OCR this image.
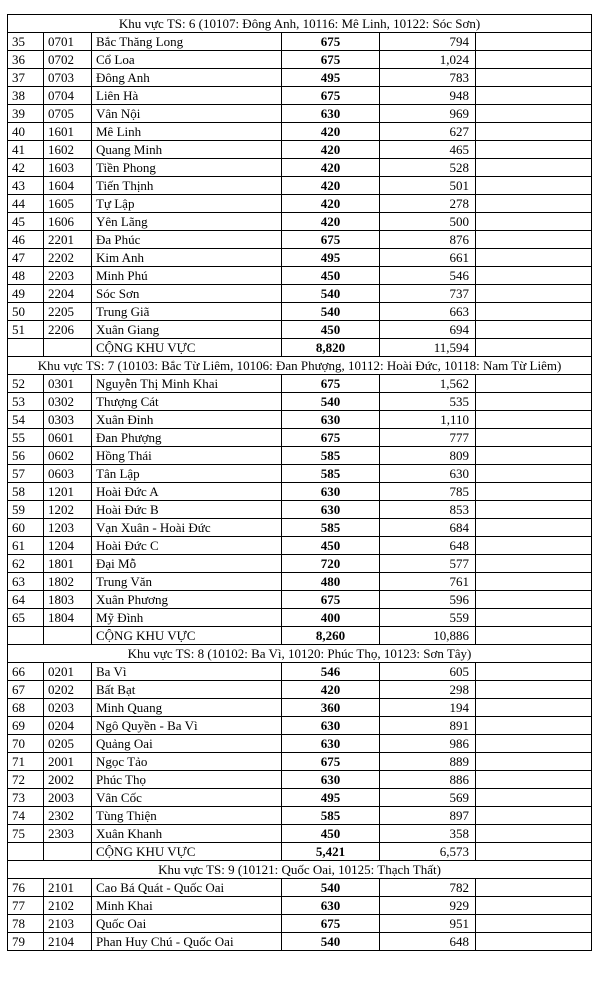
Khu vực TS: 6 (10107: Đông Anh, 10116: Mê Linh, 10122: Sóc Sơn)					
35	0701	Bắc Thăng Long	675	794	
36	0702	Cổ Loa	675	1,024	
37	0703	Đông Anh	495	783	
38	0704	Liên Hà	675	948	
39	0705	Vân Nội	630	969	
40	1601	Mê Linh	420	627	
41	1602	Quang Minh	420	465	
42	1603	Tiền Phong	420	528	
43	1604	Tiến Thịnh	420	501	
44	1605	Tự Lập	420	278	
45	1606	Yên Lãng	420	500	
46	2201	Đa Phúc	675	876	
47	2202	Kim Anh	495	661	
48	2203	Minh Phú	450	546	
49	2204	Sóc Sơn	540	737	
50	2205	Trung Giã	540	663	
51	2206	Xuân Giang	450	694	
		CỘNG KHU VỰC	8,820	11,594	
Khu vực TS: 7 (10103: Bắc Từ Liêm, 10106: Đan Phượng, 10112: Hoài Đức, 10118: Nam Từ Liêm)					
52	0301	Nguyễn Thị Minh Khai	675	1,562	
53	0302	Thượng Cát	540	535	
54	0303	Xuân Đỉnh	630	1,110	
55	0601	Đan Phượng	675	777	
56	0602	Hồng Thái	585	809	
57	0603	Tân Lập	585	630	
58	1201	Hoài Đức A	630	785	
59	1202	Hoài Đức B	630	853	
60	1203	Vạn Xuân - Hoài Đức	585	684	
61	1204	Hoài Đức C	450	648	
62	1801	Đại Mỗ	720	577	
63	1802	Trung Văn	480	761	
64	1803	Xuân Phương	675	596	
65	1804	Mỹ Đình	400	559	
		CỘNG KHU VỰC	8,260	10,886	
Khu vực TS: 8 (10102: Ba Vì, 10120: Phúc Thọ, 10123: Sơn Tây)					
66	0201	Ba Vì	546	605	
67	0202	Bất Bạt	420	298	
68	0203	Minh Quang	360	194	
69	0204	Ngô Quyền - Ba Vì	630	891	
70	0205	Quảng Oai	630	986	
71	2001	Ngọc Tảo	675	889	
72	2002	Phúc Thọ	630	886	
73	2003	Vân Cốc	495	569	
74	2302	Tùng Thiện	585	897	
75	2303	Xuân Khanh	450	358	
		CỘNG KHU VỰC	5,421	6,573	
Khu vực TS: 9 (10121: Quốc Oai, 10125: Thạch Thất)					
76	2101	Cao Bá Quát - Quốc Oai	540	782	
77	2102	Minh Khai	630	929	
78	2103	Quốc Oai	675	951	
79	2104	Phan Huy Chú - Quốc Oai	540	648	
